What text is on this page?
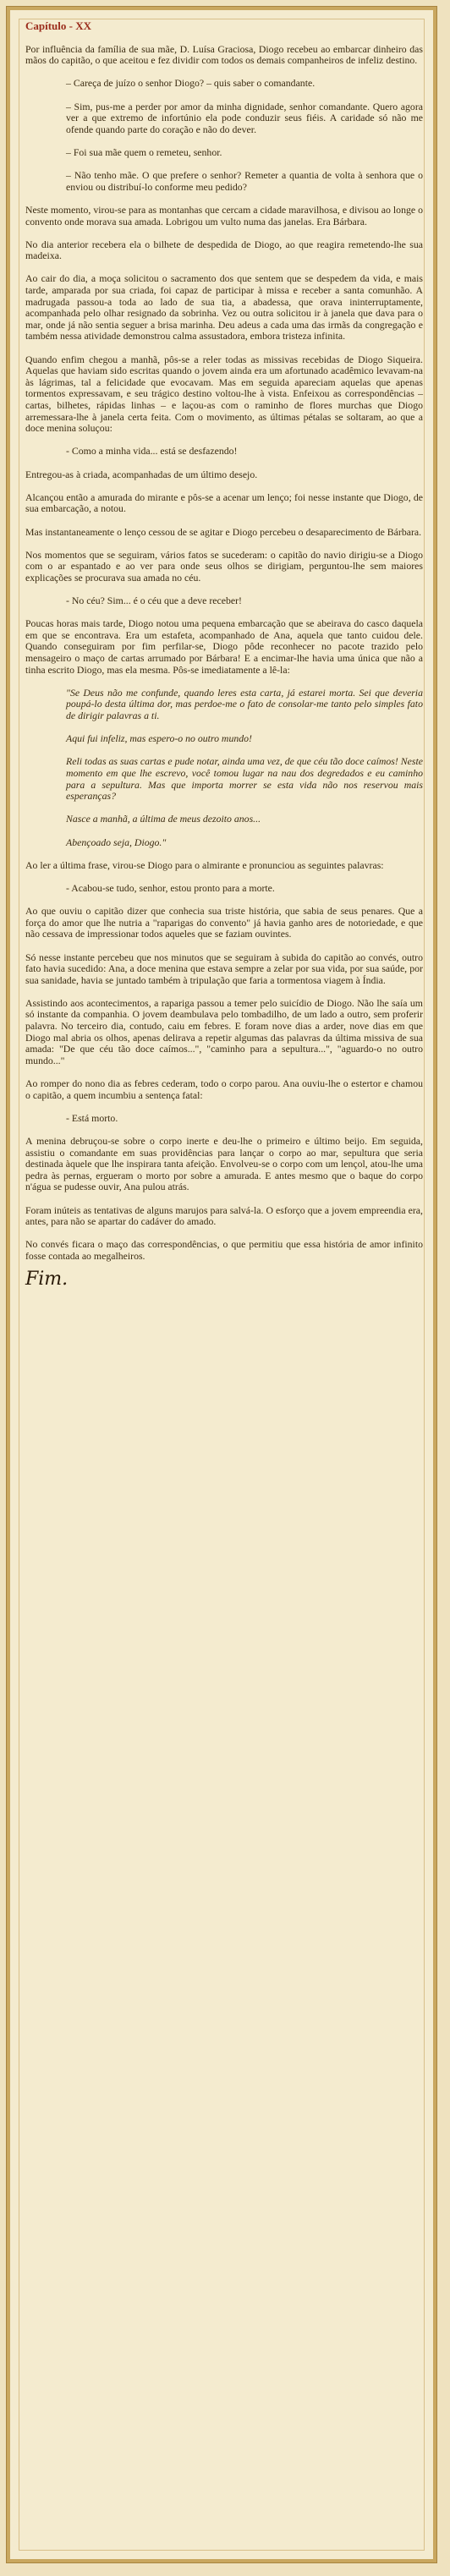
Capítulo - XX

Por influência da família de sua mãe, D. Luísa Graciosa, Diogo recebeu ao embarcar dinheiro das mãos do capitão, o que aceitou e fez dividir com todos os demais companheiros de infeliz destino.

– Careça de juízo o senhor Diogo? – quis saber o comandante.

– Sim, pus-me a perder por amor da minha dignidade, senhor comandante. Quero agora ver a que extremo de infortúnio ela pode conduzir seus fiéis. A caridade só não me ofende quando parte do coração e não do dever.

– Foi sua mãe quem o remeteu, senhor.

– Não tenho mãe. O que prefere o senhor? Remeter a quantia de volta à senhora que o enviou ou distribuí-lo conforme meu pedido?

Neste momento, virou-se para as montanhas que cercam a cidade maravilhosa, e divisou ao longe o convento onde morava sua amada. Lobrigou um vulto numa das janelas. Era Bárbara.

No dia anterior recebera ela o bilhete de despedida de Diogo, ao que reagira remetendo-lhe sua madeixa.

Ao cair do dia, a moça solicitou o sacramento dos que sentem que se despedem da vida, e mais tarde, amparada por sua criada, foi capaz de participar à missa e receber a santa comunhão. A madrugada passou-a toda ao lado de sua tia, a abadessa, que orava ininterruptamente, acompanhada pelo olhar resignado da sobrinha. Vez ou outra solicitou ir à janela que dava para o mar, onde já não sentia seguer a brisa marinha. Deu adeus a cada uma das irmãs da congregação e também nessa atividade demonstrou calma assustadora, embora tristeza infinita.

Quando enfim chegou a manhã, pôs-se a reler todas as missivas recebidas de Diogo Siqueira. Aquelas que haviam sido escritas quando o jovem ainda era um afortunado acadêmico levavam-na às lágrimas, tal a felicidade que evocavam. Mas em seguida apareciam aquelas que apenas tormentos expressavam, e seu trágico destino voltou-lhe à vista. Enfeixou as correspondências – cartas, bilhetes, rápidas linhas – e laçou-as com o raminho de flores murchas que Diogo arremessara-lhe à janela certa feita. Com o movimento, as últimas pétalas se soltaram, ao que a doce menina soluçou:

- Como a minha vida... está se desfazendo!

Entregou-as à criada, acompanhadas de um último desejo.

Alcançou então a amurada do mirante e pôs-se a acenar um lenço; foi nesse instante que Diogo, de sua embarcação, a notou.

Mas instantaneamente o lenço cessou de se agitar e Diogo percebeu o desaparecimento de Bárbara.

Nos momentos que se seguiram, vários fatos se sucederam: o capitão do navio dirigiu-se a Diogo com o ar espantado e ao ver para onde seus olhos se dirigiam, perguntou-lhe sem maiores explicações se procurava sua amada no céu.

- No céu? Sim... é o céu que a deve receber!

Poucas horas mais tarde, Diogo notou uma pequena embarcação que se abeirava do casco daquela em que se encontrava. Era um estafeta, acompanhado de Ana, aquela que tanto cuidou dele. Quando conseguiram por fim perfilar-se, Diogo pôde reconhecer no pacote trazido pelo mensageiro o maço de cartas arrumado por Bárbara! E a encimar-lhe havia uma única que não a tinha escrito Diogo, mas ela mesma. Pôs-se imediatamente a lê-la:

"Se Deus não me confunde, quando leres esta carta, já estarei morta. Sei que deveria poupá-lo desta última dor, mas perdoe-me o fato de consolar-me tanto pelo simples fato de dirigir palavras a ti.

Aqui fui infeliz, mas espero-o no outro mundo!

Reli todas as suas cartas e pude notar, ainda uma vez, de que céu tão doce caímos! Neste momento em que lhe escrevo, você tomou lugar na nau dos degredados e eu caminho para a sepultura. Mas que importa morrer se esta vida não nos reservou mais esperanças?

Nasce a manhã, a última de meus dezoito anos...

Abençoado seja, Diogo."

Ao ler a última frase, virou-se Diogo para o almirante e pronunciou as seguintes palavras:

- Acabou-se tudo, senhor, estou pronto para a morte.

Ao que ouviu o capitão dizer que conhecia sua triste história, que sabia de seus penares. Que a força do amor que lhe nutria a "raparigas do convento" já havia ganho ares de notoriedade, e que não cessava de impressionar todos aqueles que se faziam ouvintes.

Só nesse instante percebeu que nos minutos que se seguiram à subida do capitão ao convés, outro fato havia sucedido: Ana, a doce menina que estava sempre a zelar por sua vida, por sua saúde, por sua sanidade, havia se juntado também à tripulação que faria a tormentosa viagem à Índia.

Assistindo aos acontecimentos, a rapariga passou a temer pelo suicídio de Diogo. Não lhe saía um só instante da companhia. O jovem deambulava pelo tombadilho, de um lado a outro, sem proferir palavra. No terceiro dia, contudo, caiu em febres. E foram nove dias a arder, nove dias em que Diogo mal abria os olhos, apenas delirava a repetir algumas das palavras da última missiva de sua amada: "De que céu tão doce caímos...", "caminho para a sepultura...", "aguardo-o no outro mundo..."

Ao romper do nono dia as febres cederam, todo o corpo parou. Ana ouviu-lhe o estertor e chamou o capitão, a quem incumbiu a sentença fatal:

- Está morto.

A menina debruçou-se sobre o corpo inerte e deu-lhe o primeiro e último beijo. Em seguida, assistiu o comandante em suas providências para lançar o corpo ao mar, sepultura que seria destinada àquele que lhe inspirara tanta afeição. Envolveu-se o corpo com um lençol, atou-lhe uma pedra às pernas, ergueram o morto por sobre a amurada. E antes mesmo que o baque do corpo n'água se pudesse ouvir, Ana pulou atrás.

Foram inúteis as tentativas de alguns marujos para salvá-la. O esforço que a jovem empreendia era, antes, para não se apartar do cadáver do amado.

No convés ficara o maço das correspondências, o que permitiu que essa história de amor infinito fosse contada ao megalheiros.

Fim.
